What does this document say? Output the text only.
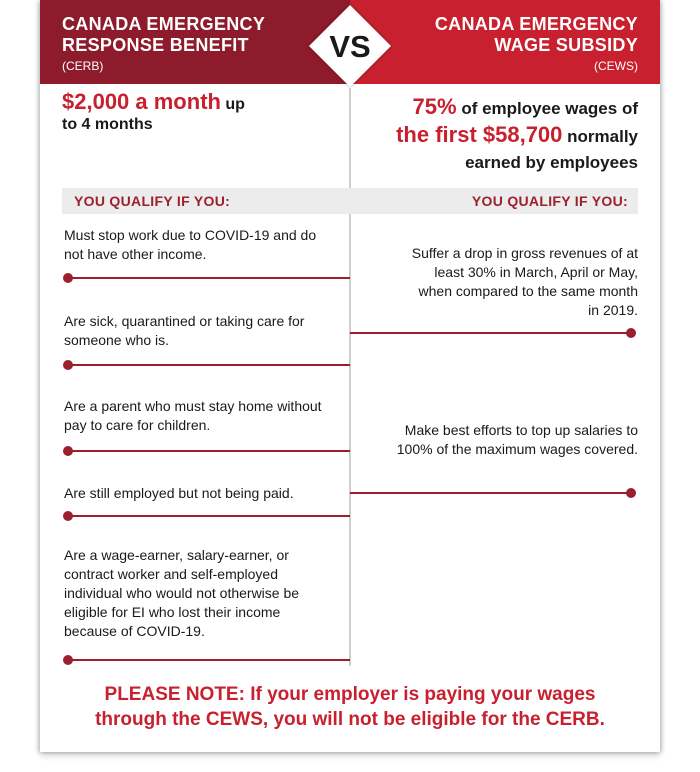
CANADA EMERGENCY
RESPONSE BENEFIT
(CERB)
CANADA EMERGENCY
WAGE SUBSIDY
(CEWS)
VS
$2,000 a month up
to 4 months
75% of employee wages of
the first $58,700 normally
earned by employees
YOU QUALIFY IF YOU:	YOU QUALIFY IF YOU:
Must stop work due to COVID-19 and do not have other income.
Are sick, quarantined or taking care for someone who is.
Are a parent who must stay home without pay to care for children.
Are still employed but not being paid.
Are a wage-earner, salary-earner, or contract worker and self-employed individual who would not otherwise be eligible for EI who lost their income because of COVID-19.
Suffer a drop in gross revenues of at least 30% in March, April or May, when compared to the same month in 2019.
Make best efforts to top up salaries to 100% of the maximum wages covered.
PLEASE NOTE: If your employer is paying your wages
through the CEWS, you will not be eligible for the CERB.
